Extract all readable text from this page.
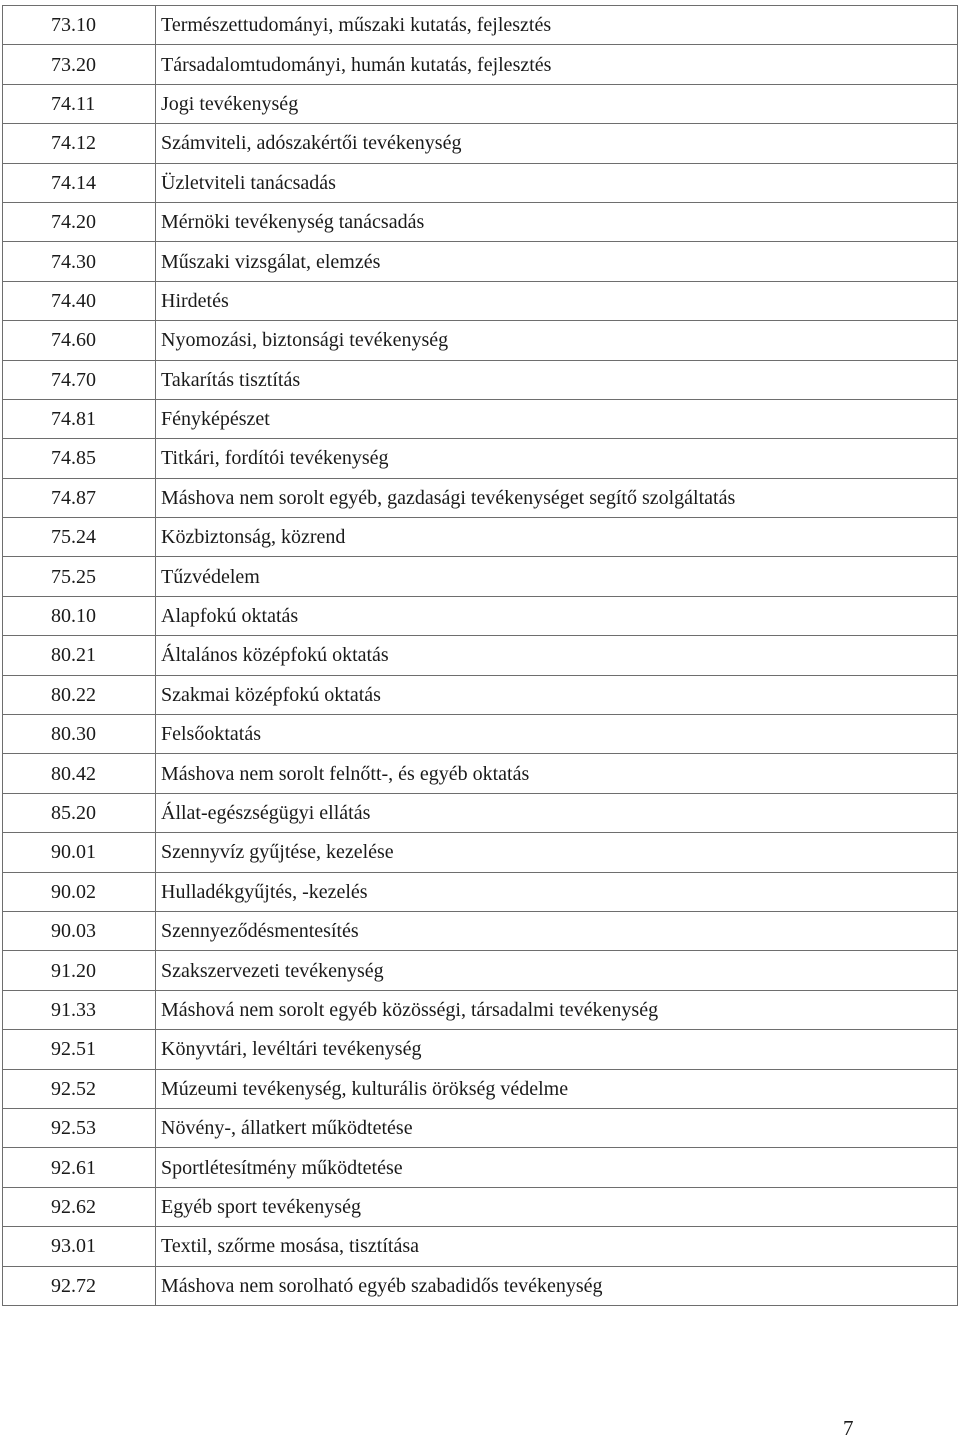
73.10	Természettudományi, műszaki kutatás, fejlesztés
73.20	Társadalomtudományi, humán kutatás, fejlesztés
74.11	Jogi tevékenység
74.12	Számviteli, adószakértői tevékenység
74.14	Üzletviteli tanácsadás
74.20	Mérnöki tevékenység tanácsadás
74.30	Műszaki vizsgálat, elemzés
74.40	Hirdetés
74.60	Nyomozási, biztonsági tevékenység
74.70	Takarítás tisztítás
74.81	Fényképészet
74.85	Titkári, fordítói tevékenység
74.87	Máshova nem sorolt egyéb, gazdasági tevékenységet segítő szolgáltatás
75.24	Közbiztonság, közrend
75.25	Tűzvédelem
80.10	Alapfokú oktatás
80.21	Általános középfokú oktatás
80.22	Szakmai középfokú oktatás
80.30	Felsőoktatás
80.42	Máshova nem sorolt felnőtt-, és egyéb oktatás
85.20	Állat-egészségügyi ellátás
90.01	Szennyvíz gyűjtése, kezelése
90.02	Hulladékgyűjtés, -kezelés
90.03	Szennyeződésmentesítés
91.20	Szakszervezeti tevékenység
91.33	Máshová nem sorolt egyéb közösségi, társadalmi tevékenység
92.51	Könyvtári, levéltári tevékenység
92.52	Múzeumi tevékenység, kulturális örökség védelme
92.53	Növény-, állatkert működtetése
92.61	Sportlétesítmény működtetése
92.62	Egyéb sport tevékenység
93.01	Textil, szőrme mosása, tisztítása
92.72	Máshova nem sorolható egyéb szabadidős tevékenység
7
